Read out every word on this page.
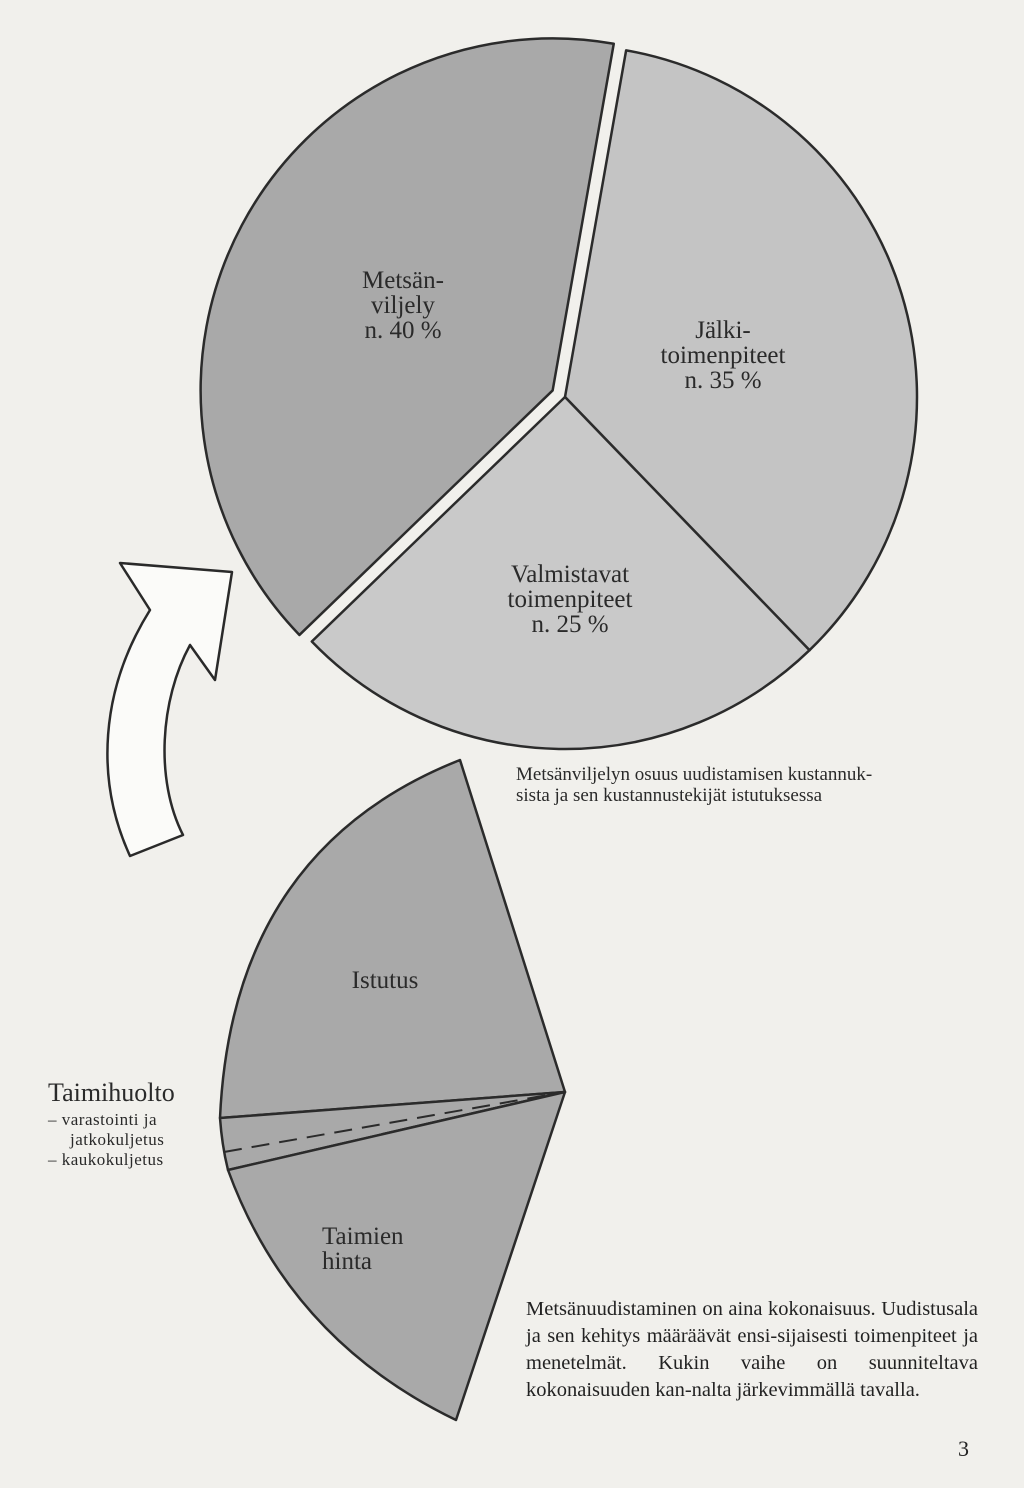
Metsän-
viljely
n. 40 %	Jälki-
toimenpiteet
n. 35 %
Valmistavat
toimenpiteet
n. 25 %
Metsänviljelyn osuus uudistamisen kustannuk-
sista ja sen kustannustekijät istutuksessa
Istutus
Taimien
hinta
Taimihuolto
– varastointi ja
jatkokuljetus
– kaukokuljetus
Metsänuudistaminen on aina kokonaisuus. Uudistusala ja sen kehitys määräävät ensi-sijaisesti toimenpiteet ja menetelmät. Kukin vaihe on suunniteltava kokonaisuuden kan-nalta järkevimmällä tavalla.
3
